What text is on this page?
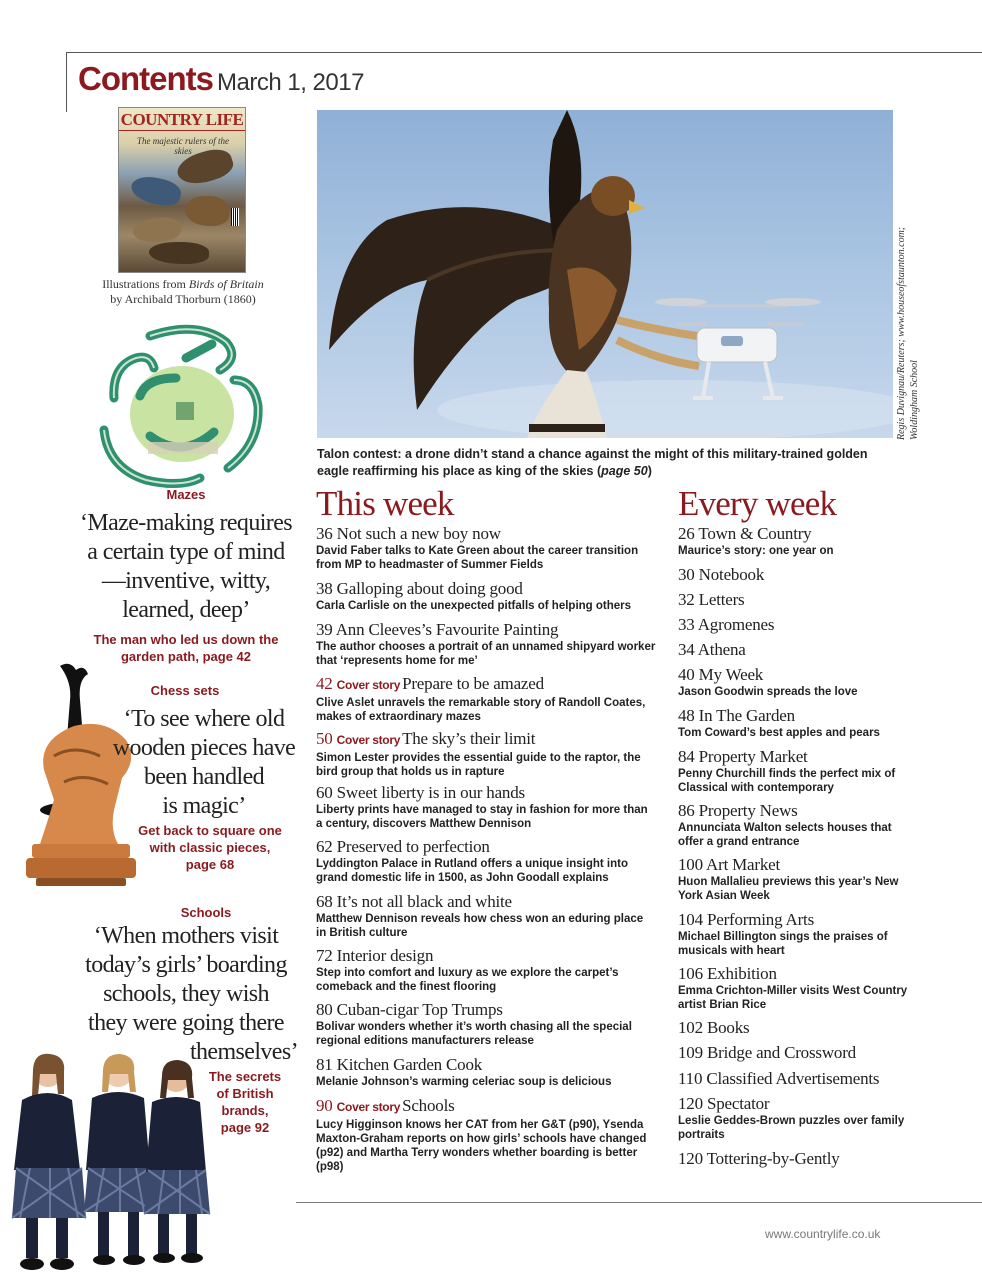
Contents March 1, 2017
COUNTRY LIFE
The majestic rulers of the skies
Illustrations from Birds of Britain
by Archibald Thorburn (1860)
Mazes
‘Maze-making requires
a certain type of mind
—inventive, witty,
learned, deep’
The man who led us down the
garden path, page 42
Chess sets
‘To see where old
wooden pieces have
been handled
is magic’
Get back to square one
with classic pieces,
page 68
Schools
‘When mothers visit
today’s girls’ boarding
schools, they wish
they were going there
themselves’
The secrets
of British
brands,
page 92
Regis Duvignau/Reuters; www.houseofstaunton.com; Woldingham School
Talon contest: a drone didn’t stand a chance against the might of this military-trained golden eagle reaffirming his place as king of the skies (page 50)
This week
36 Not such a new boy now
David Faber talks to Kate Green about the career transition from MP to headmaster of Summer Fields
38 Galloping about doing good
Carla Carlisle on the unexpected pitfalls of helping others
39 Ann Cleeves’s Favourite Painting
The author chooses a portrait of an unnamed shipyard worker that ‘represents home for me’
42 Cover story Prepare to be amazed
Clive Aslet unravels the remarkable story of Randoll Coates, makes of extraordinary mazes
50 Cover story The sky’s their limit
Simon Lester provides the essential guide to the raptor, the bird group that holds us in rapture
60 Sweet liberty is in our hands
Liberty prints have managed to stay in fashion for more than a century, discovers Matthew Dennison
62 Preserved to perfection
Lyddington Palace in Rutland offers a unique insight into grand domestic life in 1500, as John Goodall explains
68 It’s not all black and white
Matthew Dennison reveals how chess won an eduring place in British culture
72 Interior design
Step into comfort and luxury as we explore the carpet’s comeback and the finest flooring
80 Cuban-cigar Top Trumps
Bolivar wonders whether it’s worth chasing all the special regional editions manufacturers release
81 Kitchen Garden Cook
Melanie Johnson’s warming celeriac soup is delicious
90 Cover story Schools
Lucy Higginson knows her CAT from her G&T (p90), Ysenda Maxton-Graham reports on how girls’ schools have changed (p92) and Martha Terry wonders whether boarding is better (p98)
Every week
26 Town & Country
Maurice’s story: one year on
30 Notebook
32 Letters
33 Agromenes
34 Athena
40 My Week
Jason Goodwin spreads the love
48 In The Garden
Tom Coward’s best apples and pears
84 Property Market
Penny Churchill finds the perfect mix of Classical with contemporary
86 Property News
Annunciata Walton selects houses that offer a grand entrance
100 Art Market
Huon Mallalieu previews this year’s New York Asian Week
104 Performing Arts
Michael Billington sings the praises of musicals with heart
106 Exhibition
Emma Crichton-Miller visits West Country artist Brian Rice
102 Books
109 Bridge and Crossword
110 Classified Advertisements
120 Spectator
Leslie Geddes-Brown puzzles over family portraits
120 Tottering-by-Gently
www.countrylife.co.uk
